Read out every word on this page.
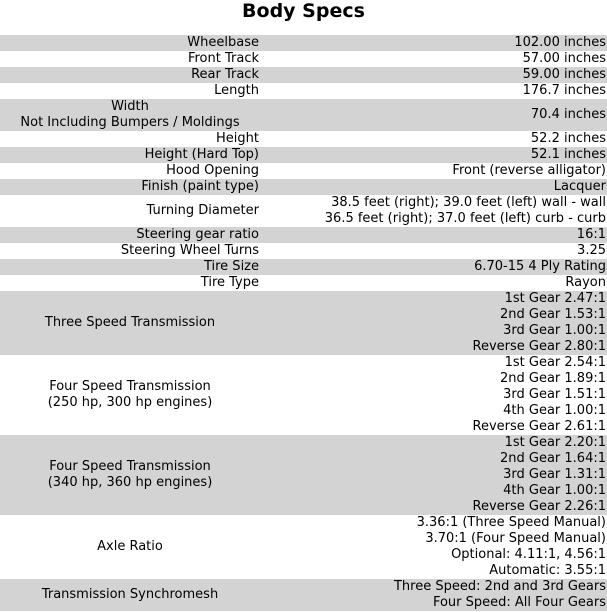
Body Specs
Wheelbase	102.00 inches

Front Track	57.00 inches

Rear Track	59.00 inches

Length	176.7 inches

Width
Not Including Bumpers / Moldings	70.4 inches

Height	52.2 inches

Height (Hard Top)	52.1 inches

Hood Opening	Front (reverse alligator)

Finish (paint type)	Lacquer

Turning Diameter	38.5 feet (right); 39.0 feet (left) wall - wall
36.5 feet (right); 37.0 feet (left) curb - curb

Steering gear ratio	16:1

Steering Wheel Turns	3.25

Tire Size	6.70-15 4 Ply Rating

Tire Type	Rayon

Three Speed Transmission	1st Gear 2.47:1
2nd Gear 1.53:1
3rd Gear 1.00:1
Reverse Gear 2.80:1

Four Speed Transmission
(250 hp, 300 hp engines)	1st Gear 2.54:1
2nd Gear 1.89:1
3rd Gear 1.51:1
4th Gear 1.00:1
Reverse Gear 2.61:1

Four Speed Transmission
(340 hp, 360 hp engines)	1st Gear 2.20:1
2nd Gear 1.64:1
3rd Gear 1.31:1
4th Gear 1.00:1
Reverse Gear 2.26:1

Axle Ratio	3.36:1 (Three Speed Manual)
3.70:1 (Four Speed Manual)
Optional: 4.11:1, 4.56:1
Automatic: 3.55:1

Transmission Synchromesh	Three Speed: 2nd and 3rd Gears
Four Speed: All Four Gears
